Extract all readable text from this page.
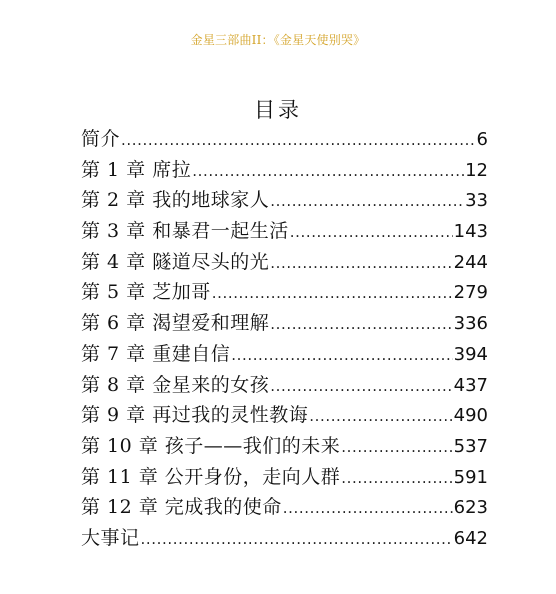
金星三部曲II：《金星天使别哭》
目录
简介 .....	6
第 1 章 席拉 .....	12
第 2 章 我的地球家人 .....	33
第 3 章 和暴君一起生活 .....	143
第 4 章 隧道尽头的光 .....	244
第 5 章 芝加哥 .....	279
第 6 章 渴望爱和理解 .....	336
第 7 章 重建自信 .....	394
第 8 章 金星来的女孩 .....	437
第 9 章 再过我的灵性教诲 .....	490
第 10 章 孩子——我们的未来 .....	537
第 11 章 公开身份，走向人群 .....	591
第 12 章 完成我的使命 .....	623
大事记 .....	642
